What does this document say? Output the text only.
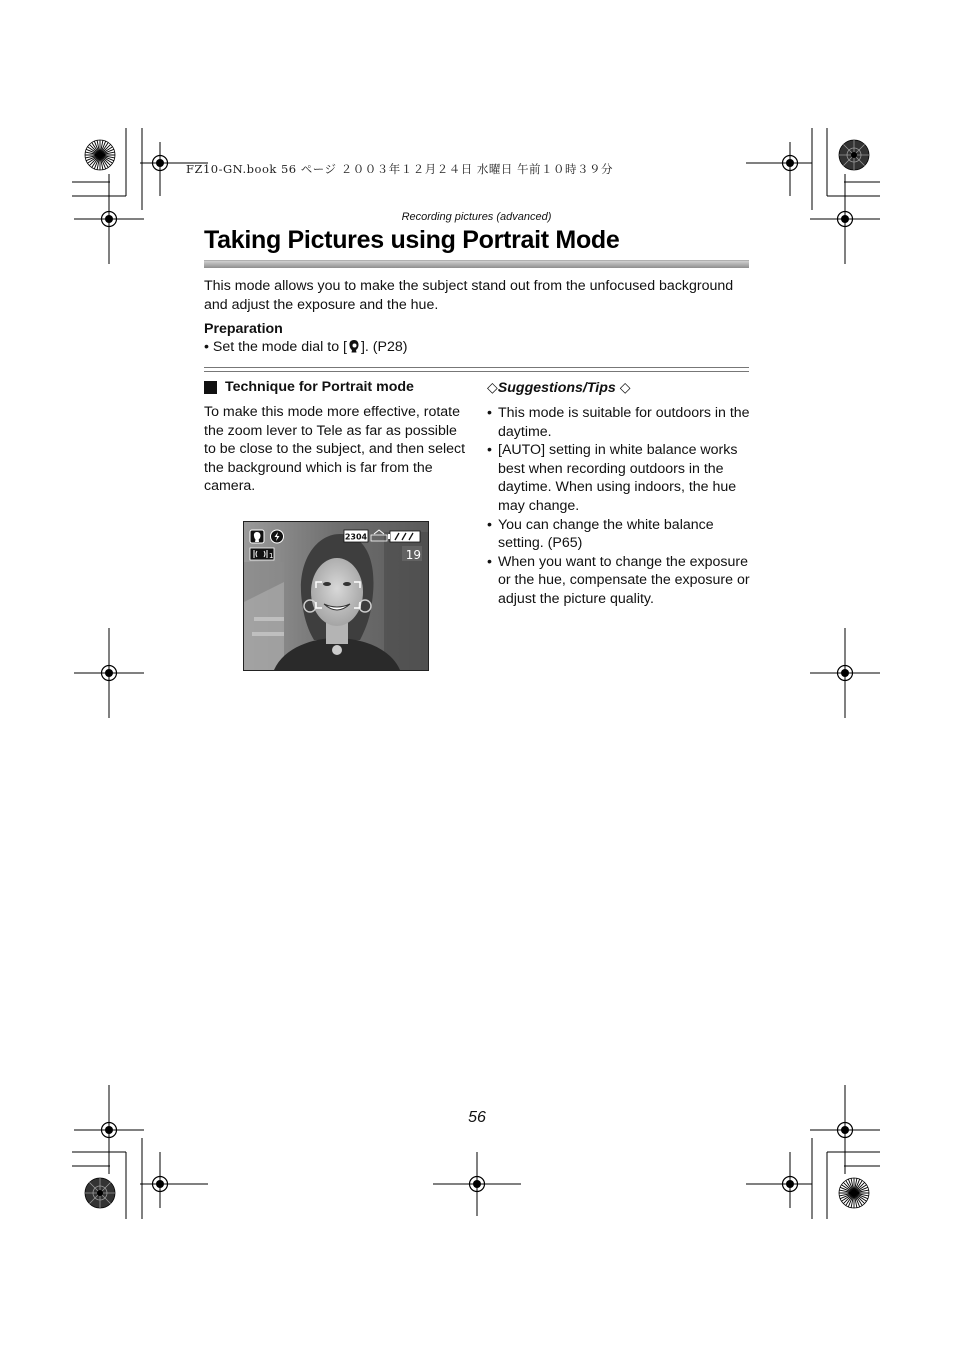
FZ10-GN.book 56 ページ ２００３年１２月２４日 水曜日 午前１０時３９分
Recording pictures (advanced)
Taking Pictures using Portrait Mode
This mode allows you to make the subject stand out from the unfocused background and adjust the exposure and the hue.
Preparation
• Set the mode dial to [ ]. (P28)
Technique for Portrait mode
To make this mode more effective, rotate the zoom lever to Tele as far as possible to be close to the subject, and then select the background which is far from the camera.
◇ Suggestions/Tips
◇
• This mode is suitable for outdoors in the daytime.
• [AUTO] setting in white balance works best when recording outdoors in the daytime. When using indoors, the hue may change.
• You can change the white balance setting. (P65)
• When you want to change the exposure or the hue, compensate the exposure or adjust the picture quality.
1
2304
19
56
